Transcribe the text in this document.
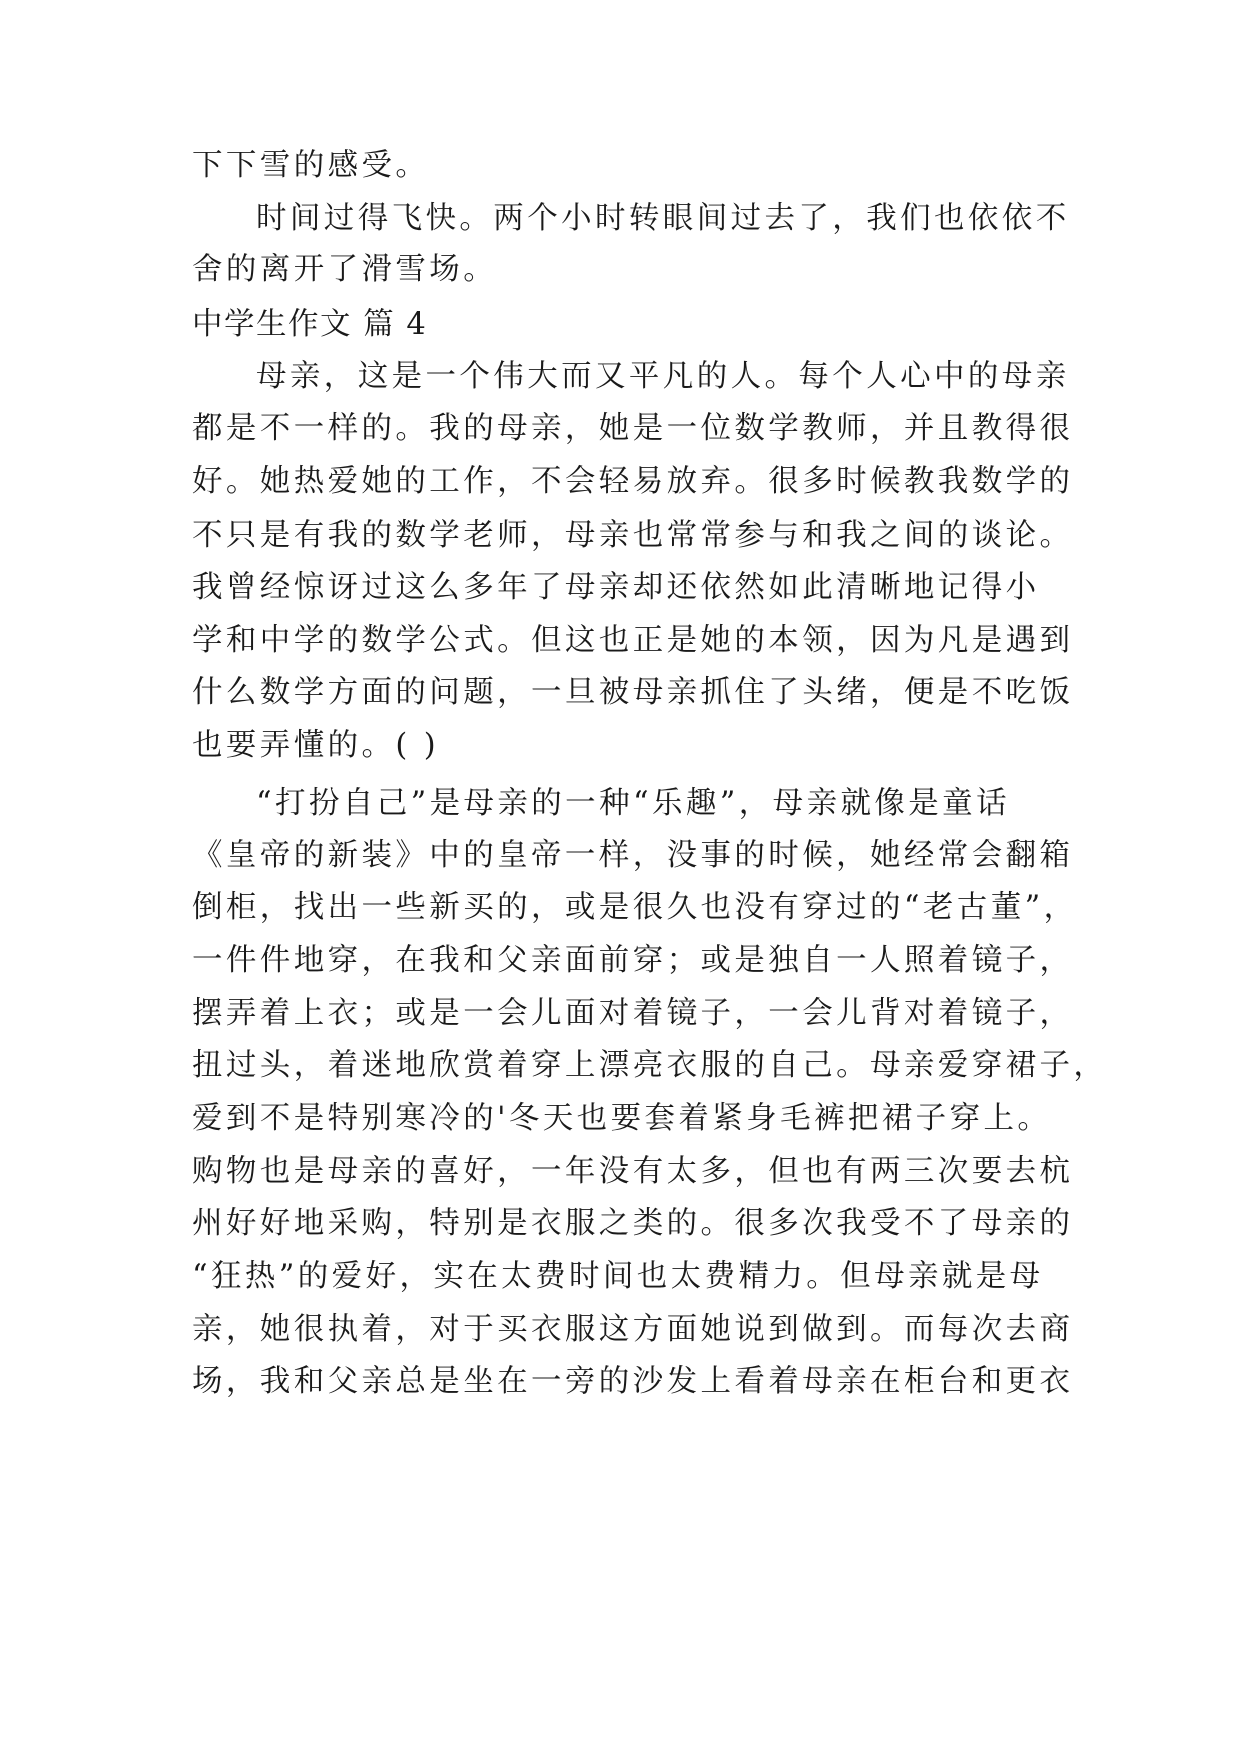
下下雪的感受。
时间过得飞快。两个小时转眼间过去了，我们也依依不
舍的离开了滑雪场。
中学生作文 篇 4
母亲，这是一个伟大而又平凡的人。每个人心中的母亲
都是不一样的。我的母亲，她是一位数学教师，并且教得很
好。她热爱她的工作，不会轻易放弃。很多时候教我数学的
不只是有我的数学老师，母亲也常常参与和我之间的谈论。
我曾经惊讶过这么多年了母亲却还依然如此清晰地记得小
学和中学的数学公式。但这也正是她的本领，因为凡是遇到
什么数学方面的问题，一旦被母亲抓住了头绪，便是不吃饭
也要弄懂的。( )
“打扮自己”是母亲的一种“乐趣”，母亲就像是童话
《皇帝的新装》中的皇帝一样，没事的时候，她经常会翻箱
倒柜，找出一些新买的，或是很久也没有穿过的“老古董”，
一件件地穿，在我和父亲面前穿；或是独自一人照着镜子，
摆弄着上衣；或是一会儿面对着镜子，一会儿背对着镜子，
扭过头，着迷地欣赏着穿上漂亮衣服的自己。母亲爱穿裙子，
爱到不是特别寒冷的'冬天也要套着紧身毛裤把裙子穿上。
购物也是母亲的喜好，一年没有太多，但也有两三次要去杭
州好好地采购，特别是衣服之类的。很多次我受不了母亲的
“狂热”的爱好，实在太费时间也太费精力。但母亲就是母
亲，她很执着，对于买衣服这方面她说到做到。而每次去商
场，我和父亲总是坐在一旁的沙发上看着母亲在柜台和更衣
